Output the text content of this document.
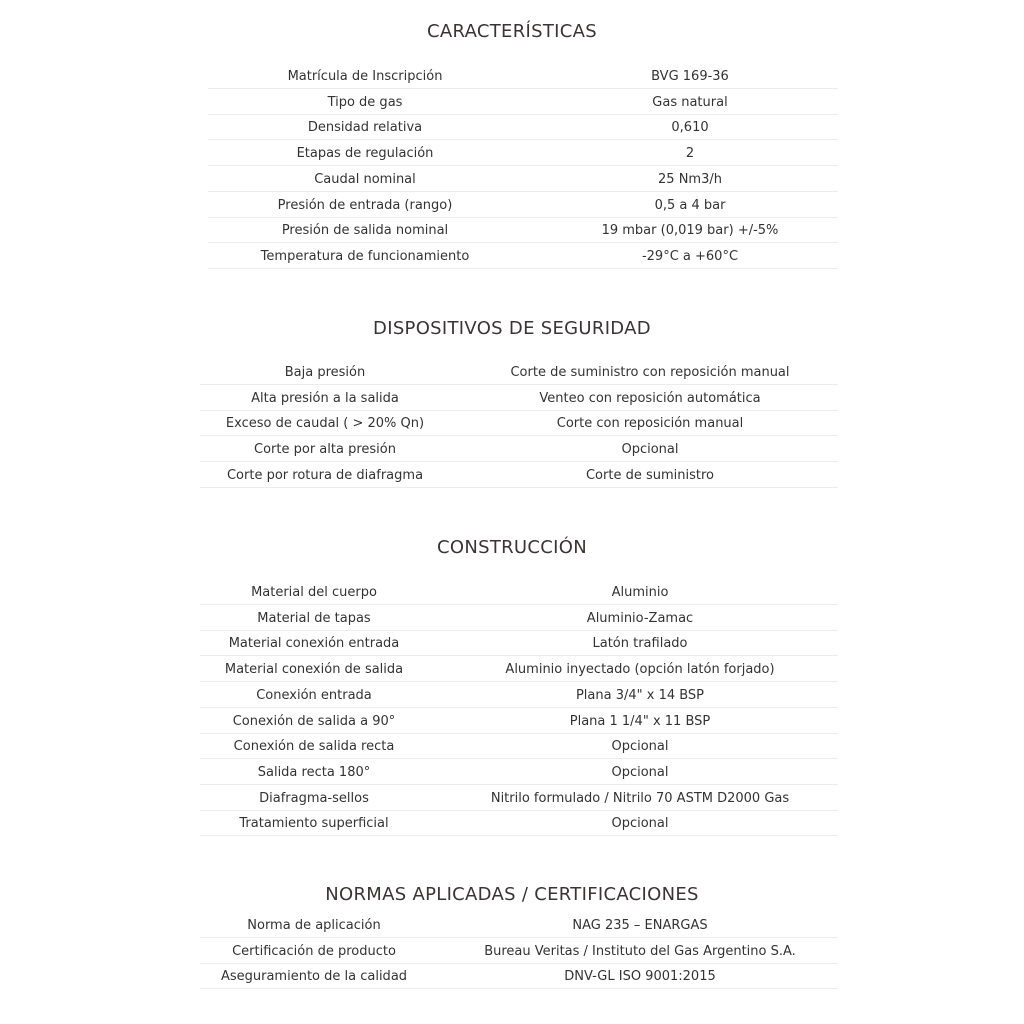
CARACTERÍSTICAS
Matrícula de Inscripción	BVG 169-36
Tipo de gas	Gas natural
Densidad relativa	0,610
Etapas de regulación	2
Caudal nominal	25 Nm3/h
Presión de entrada (rango)	0,5 a 4 bar
Presión de salida nominal	19 mbar (0,019 bar) +/-5%
Temperatura de funcionamiento	-29°C a +60°C
DISPOSITIVOS DE SEGURIDAD
Baja presión	Corte de suministro con reposición manual
Alta presión a la salida	Venteo con reposición automática
Exceso de caudal ( > 20% Qn)	Corte con reposición manual
Corte por alta presión	Opcional
Corte por rotura de diafragma	Corte de suministro
CONSTRUCCIÓN
Material del cuerpo	Aluminio
Material de tapas	Aluminio-Zamac
Material conexión entrada	Latón trafilado
Material conexión de salida	Aluminio inyectado (opción latón forjado)
Conexión entrada	Plana 3/4" x 14 BSP
Conexión de salida a 90°	Plana 1 1/4" x 11 BSP
Conexión de salida recta	Opcional
Salida recta 180°	Opcional
Diafragma-sellos	Nitrilo formulado / Nitrilo 70 ASTM D2000 Gas
Tratamiento superficial	Opcional
NORMAS APLICADAS / CERTIFICACIONES
Norma de aplicación	NAG 235 – ENARGAS
Certificación de producto	Bureau Veritas / Instituto del Gas Argentino S.A.
Aseguramiento de la calidad	DNV-GL ISO 9001:2015
